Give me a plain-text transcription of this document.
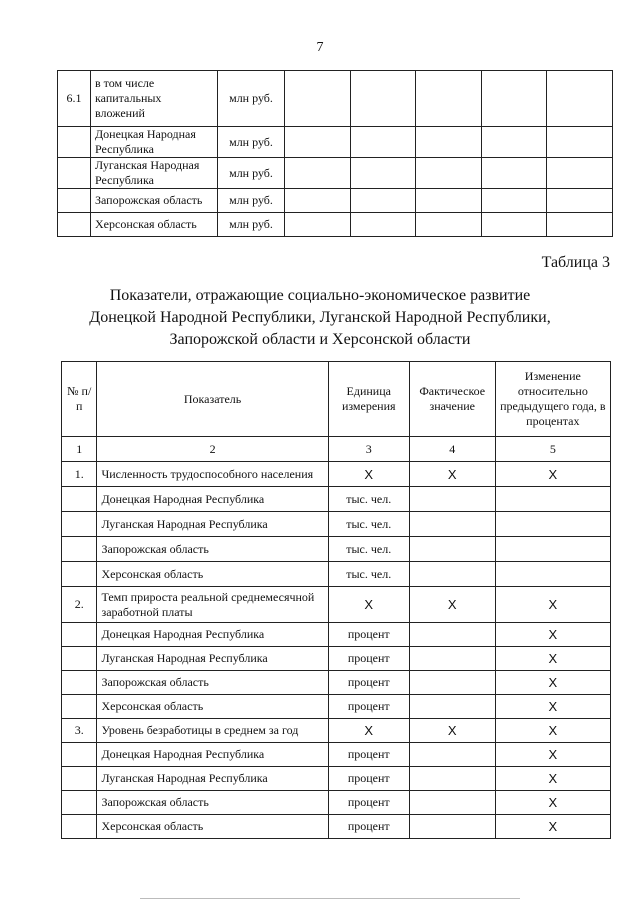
7
6.1	в том числе капитальных вложений	млн руб.					
	Донецкая Народная Республика	млн руб.					
	Луганская Народная Республика	млн руб.					
	Запорожская область	млн руб.					
	Херсонская область	млн руб.					
Таблица 3
Показатели, отражающие социально-экономическое развитие
Донецкой Народной Республики, Луганской Народной Республики,
Запорожской области и Херсонской области
№ п/п	Показатель	Единица измерения	Фактическое значение	Изменение относительно предыдущего года, в процентах
1	2	3	4	5
1.	Численность трудоспособного населения	X	X	X
	Донецкая Народная Республика	тыс. чел.		
	Луганская Народная Республика	тыс. чел.		
	Запорожская область	тыс. чел.		
	Херсонская область	тыс. чел.		
2.	Темп прироста реальной среднемесячной заработной платы	X	X	X
	Донецкая Народная Республика	процент		X
	Луганская Народная Республика	процент		X
	Запорожская область	процент		X
	Херсонская область	процент		X
3.	Уровень безработицы в среднем за год	X	X	X
	Донецкая Народная Республика	процент		X
	Луганская Народная Республика	процент		X
	Запорожская область	процент		X
	Херсонская область	процент		X
